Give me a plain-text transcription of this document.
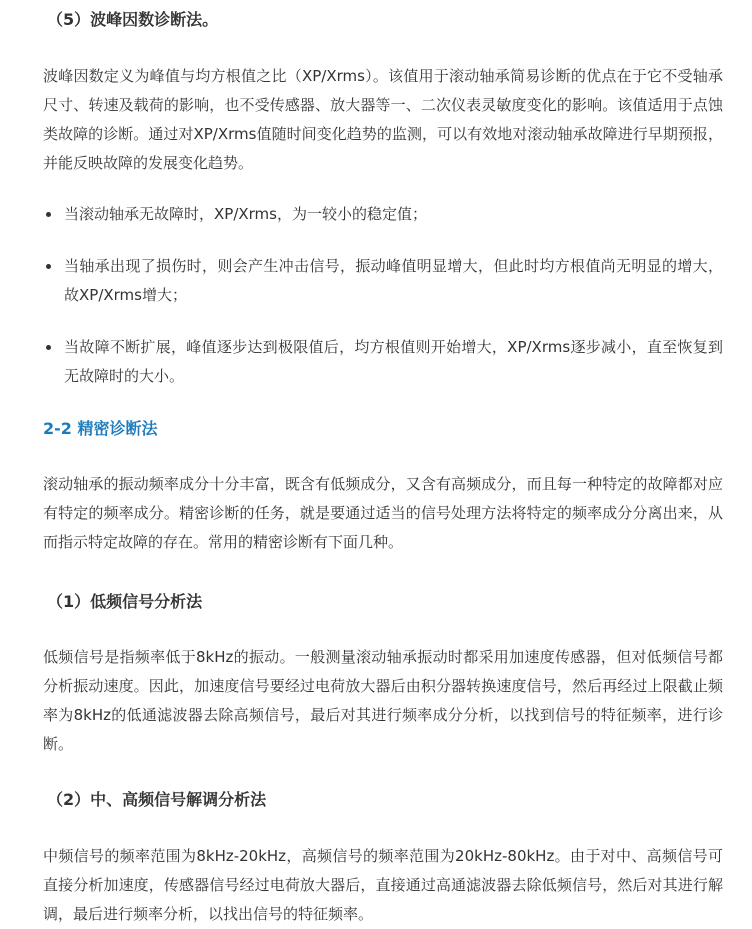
（5）波峰因数诊断法。

波峰因数定义为峰值与均方根值之比（XP/Xrms）。该值用于滚动轴承简易诊断的优点在于它不受轴承尺寸、转速及载荷的影响，也不受传感器、放大器等一、二次仪表灵敏度变化的影响。该值适用于点蚀类故障的诊断。通过对XP/Xrms值随时间变化趋势的监测，可以有效地对滚动轴承故障进行早期预报，并能反映故障的发展变化趋势。

当滚动轴承无故障时，XP/Xrms，为一较小的稳定值；
当轴承出现了损伤时，则会产生冲击信号，振动峰值明显增大，但此时均方根值尚无明显的增大，故XP/Xrms增大；
当故障不断扩展，峰值逐步达到极限值后，均方根值则开始增大，XP/Xrms逐步减小，直至恢复到无故障时的大小。
2-2 精密诊断法

滚动轴承的振动频率成分十分丰富，既含有低频成分，又含有高频成分，而且每一种特定的故障都对应有特定的频率成分。精密诊断的任务，就是要通过适当的信号处理方法将特定的频率成分分离出来，从而指示特定故障的存在。常用的精密诊断有下面几种。

（1）低频信号分析法

低频信号是指频率低于8kHz的振动。一般测量滚动轴承振动时都采用加速度传感器，但对低频信号都分析振动速度。因此，加速度信号要经过电荷放大器后由积分器转换速度信号，然后再经过上限截止频率为8kHz的低通滤波器去除高频信号，最后对其进行频率成分分析，以找到信号的特征频率，进行诊断。

（2）中、高频信号解调分析法

中频信号的频率范围为8kHz-20kHz，高频信号的频率范围为20kHz-80kHz。由于对中、高频信号可直接分析加速度，传感器信号经过电荷放大器后，直接通过高通滤波器去除低频信号，然后对其进行解调，最后进行频率分析，以找出信号的特征频率。
